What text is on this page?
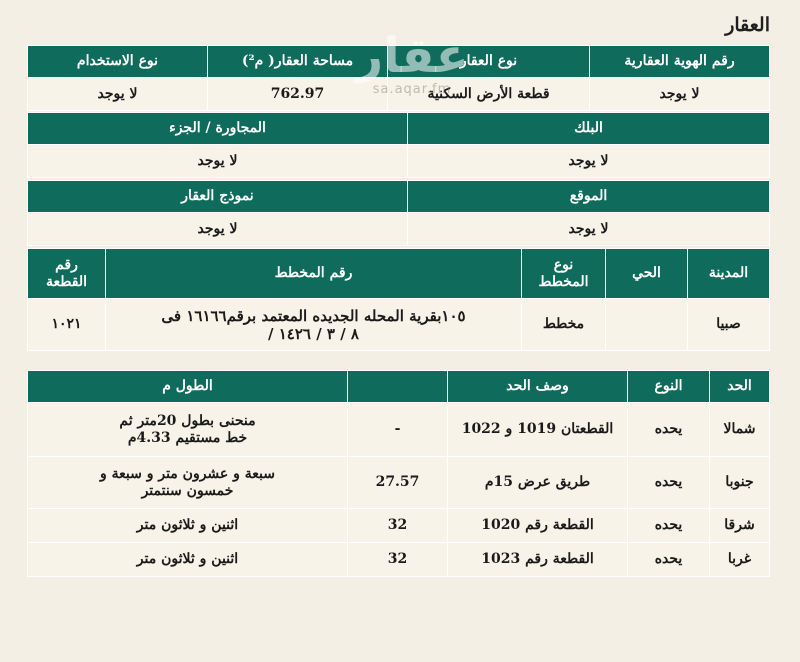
العقار
رقم الهوية العقارية	نوع العقار	مساحة العقار( م²)	نوع الاستخدام
لا يوجد	قطعة الأرض السكنية	762.97	لا يوجد
البلك	المجاورة / الجزء
لا يوجد	لا يوجد
الموقع	نموذج العقار
لا يوجد	لا يوجد
المدينة	الحي	نوع المخطط	رقم المخطط	رقم القطعة
صبيا		مخطط	١٠٥بقرية المحله الجديده المعتمد برقم١٦١٦٦ فى ٨ / ٣ / ١٤٢٦ /	١٠٢١
الحد	النوع	وصف الحد		الطول م
شمالا	يحده	القطعتان 1019 و 1022	-	منحنى بطول 20متر ثم خط مستقيم 4.33م
جنوبا	يحده	طريق عرض 15م	27.57	سبعة و عشرون متر و سبعة و خمسون سنتمتر
شرقا	يحده	القطعة رقم 1020	32	اثنين و ثلاثون متر
غربا	يحده	القطعة رقم 1023	32	اثنين و ثلاثون متر
عقار
sa.aqar.fm
